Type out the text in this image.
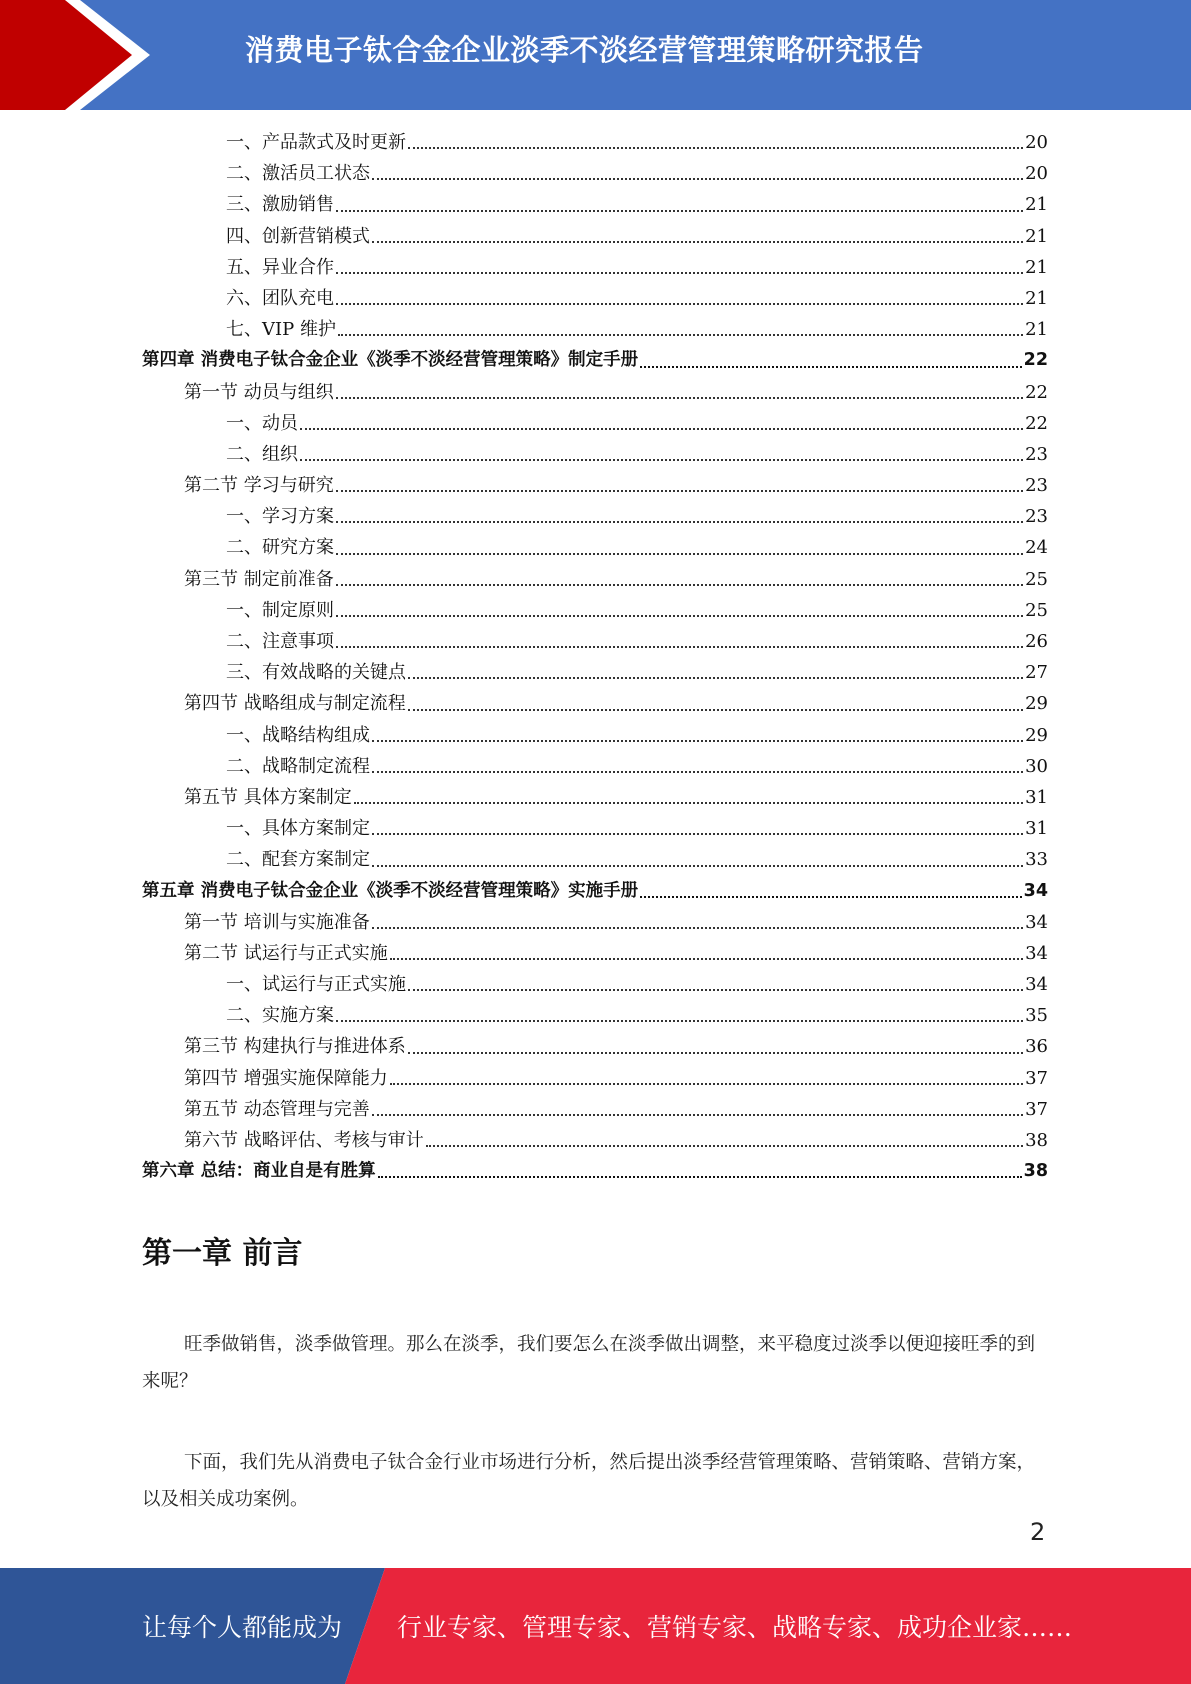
消费电子钛合金企业淡季不淡经营管理策略研究报告
一、产品款式及时更新	20
二、激活员工状态	20
三、激励销售	21
四、创新营销模式	21
五、异业合作	21
六、团队充电	21
七、VIP 维护	21
第四章 消费电子钛合金企业《淡季不淡经营管理策略》制定手册	22
第一节 动员与组织	22
一、动员	22
二、组织	23
第二节 学习与研究	23
一、学习方案	23
二、研究方案	24
第三节 制定前准备	25
一、制定原则	25
二、注意事项	26
三、有效战略的关键点	27
第四节 战略组成与制定流程	29
一、战略结构组成	29
二、战略制定流程	30
第五节 具体方案制定	31
一、具体方案制定	31
二、配套方案制定	33
第五章 消费电子钛合金企业《淡季不淡经营管理策略》实施手册	34
第一节 培训与实施准备	34
第二节 试运行与正式实施	34
一、试运行与正式实施	34
二、实施方案	35
第三节 构建执行与推进体系	36
第四节 增强实施保障能力	37
第五节 动态管理与完善	37
第六节 战略评估、考核与审计	38
第六章 总结：商业自是有胜算	38
第一章 前言
旺季做销售，淡季做管理。那么在淡季，我们要怎么在淡季做出调整，来平稳度过淡季以便迎接旺季的到来呢？
下面，我们先从消费电子钛合金行业市场进行分析，然后提出淡季经营管理策略、营销策略、营销方案，以及相关成功案例。
2
让每个人都能成为 行业专家、管理专家、营销专家、战略专家、成功企业家……
